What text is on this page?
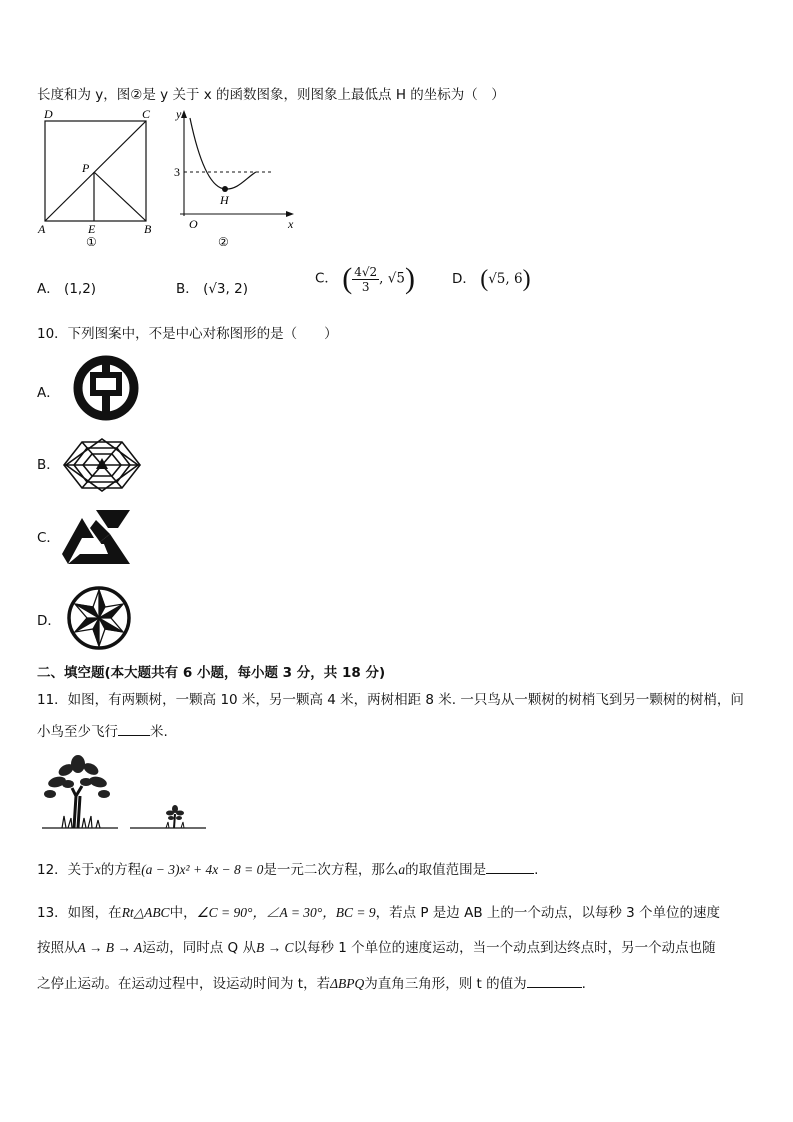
长度和为 y，图②是 y 关于 x 的函数图象，则图象上最低点 H 的坐标为（　）
D	C
A	B
P
E
①
y
x
O
3
H
②
A． (1,2)	B． (√3, 2)
C． ( $\frac{4√2}{3}$ , √5)	D． (√5, 6)
10．下列图案中，不是中心对称图形的是（　　）
A．
B．
C．
D．
二、填空题(本大题共有 6 小题，每小题 3 分，共 18 分)
11．如图，有两颗树，一颗高 10 米，另一颗高 4 米，两树相距 8 米. 一只鸟从一颗树的树梢飞到另一颗树的树梢，问
小鸟至少飞行 米.
12．关于x的方程(a − 3)x² + 4x − 8 = 0是一元二次方程，那么a的取值范围是	.
13．如图，在Rt△ABC中，∠C = 90°，∠A = 30°，BC = 9，若点 P 是边 AB 上的一个动点，以每秒 3 个单位的速度
按照从A → B → A运动，同时点 Q 从B → C以每秒 1 个单位的速度运动，当一个动点到达终点时，另一个动点也随
之停止运动。在运动过程中，设运动时间为 t，若ΔBPQ为直角三角形，则 t 的值为	.
